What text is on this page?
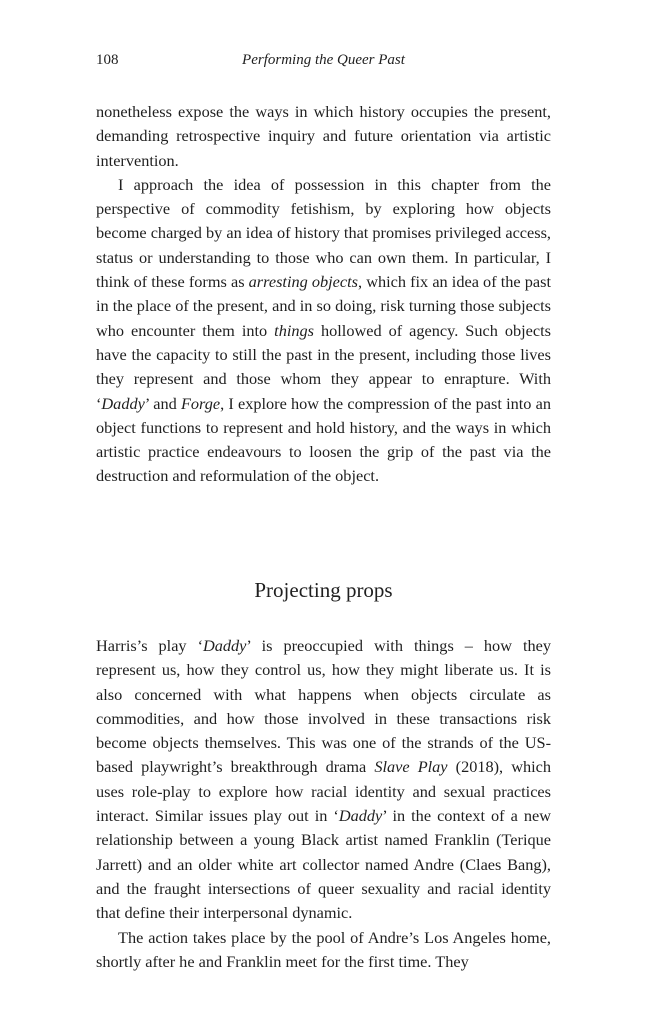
108	Performing the Queer Past

nonetheless expose the ways in which history occupies the present, demanding retrospective inquiry and future orientation via artistic intervention.

I approach the idea of possession in this chapter from the perspective of commodity fetishism, by exploring how objects become charged by an idea of history that promises privileged access, status or understanding to those who can own them. In particular, I think of these forms as arresting objects, which fix an idea of the past in the place of the present, and in so doing, risk turning those subjects who encounter them into things hollowed of agency. Such objects have the capacity to still the past in the present, including those lives they represent and those whom they appear to enrapture. With ‘Daddy’ and Forge, I explore how the compression of the past into an object functions to represent and hold history, and the ways in which artistic practice endeavours to loosen the grip of the past via the destruction and reformulation of the object.

Projecting props

Harris’s play ‘Daddy’ is preoccupied with things – how they represent us, how they control us, how they might liberate us. It is also concerned with what happens when objects circulate as commodities, and how those involved in these transactions risk become objects themselves. This was one of the strands of the US-based playwright’s breakthrough drama Slave Play (2018), which uses role-play to explore how racial identity and sexual practices interact. Similar issues play out in ‘Daddy’ in the context of a new relationship between a young Black artist named Franklin (Terique Jarrett) and an older white art collector named Andre (Claes Bang), and the fraught intersections of queer sexuality and racial identity that define their interpersonal dynamic.

The action takes place by the pool of Andre’s Los Angeles home, shortly after he and Franklin meet for the first time. They
